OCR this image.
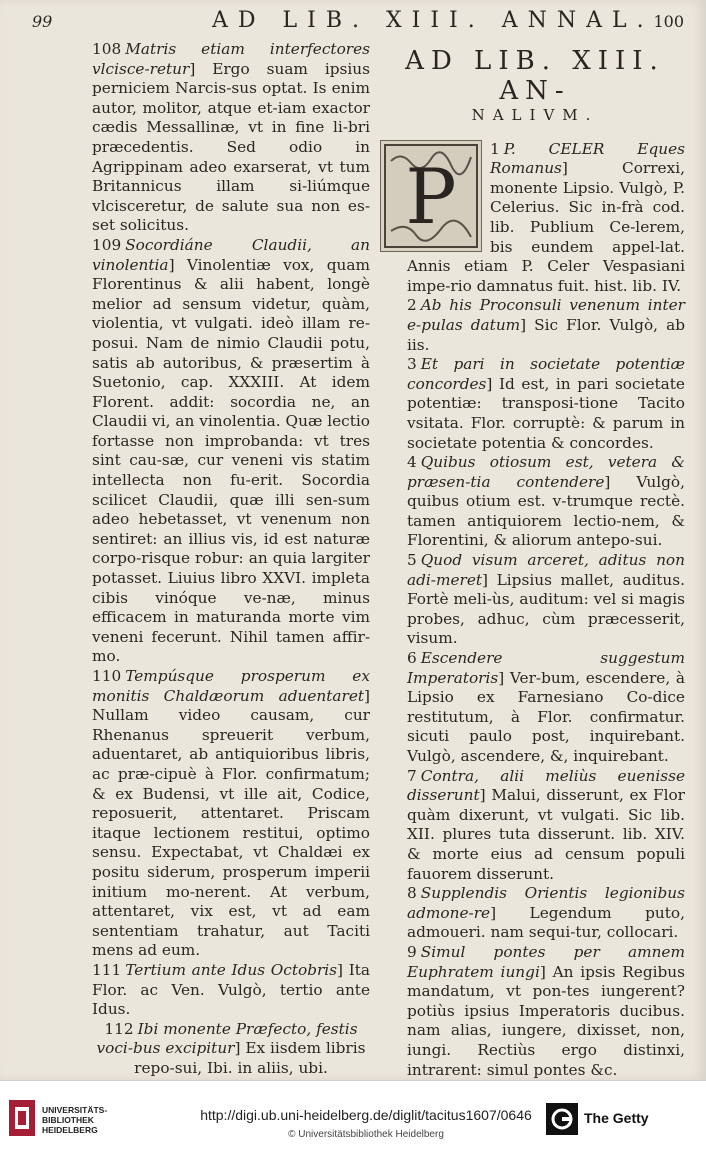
99	AD LIB. XIII. ANNAL. 100

108 Matris etiam interfectores vlcisce-retur] Ergo suam ipsius perniciem Narcis-sus optat. Is enim autor, molitor, atque et-iam exactor cædis Messallinæ, vt in fine li-bri præcedentis. Sed odio in Agrippinam adeo exarserat, vt tum Britannicus illam si-liúmque vlcisceretur, de salute sua non es-set solicitus.

109 Socordiáne Claudii, an vinolentia] Vinolentiæ vox, quam Florentinus & alii habent, longè melior ad sensum videtur, quàm, violentia, vt vulgati. ideò illam re-posui. Nam de nimio Claudii potu, satis ab autoribus, & præsertim à Suetonio, cap. XXXIII. At idem Florent. addit: socordia ne, an Claudii vi, an vinolentia. Quæ lectio fortasse non improbanda: vt tres sint cau-sæ, cur veneni vis statim intellecta non fu-erit. Socordia scilicet Claudii, quæ illi sen-sum adeo hebetasset, vt venenum non sentiret: an illius vis, id est naturæ corpo-risque robur: an quia largiter potasset. Liuius libro XXVI. impleta cibis vinóque ve-næ, minus efficacem in maturanda morte vim veneni fecerunt. Nihil tamen affir-mo.

110 Tempúsque prosperum ex monitis Chaldæorum aduentaret] Nullam video causam, cur Rhenanus spreuerit verbum, aduentaret, ab antiquioribus libris, ac præ-cipuè à Flor. confirmatum; & ex Budensi, vt ille ait, Codice, reposuerit, attentaret. Priscam itaque lectionem restitui, optimo sensu. Expectabat, vt Chaldæi ex positu siderum, prosperum imperii initium mo-nerent. At verbum, attentaret, vix est, vt ad eam sententiam trahatur, aut Taciti mens ad eum.

111 Tertium ante Idus Octobris] Ita Flor. ac Ven. Vulgò, tertio ante Idus.

112 Ibi monente Præfecto, festis voci-bus excipitur] Ex iisdem libris repo-sui, Ibi. in aliis, ubi.

AD LIB. XIII. AN-
NALIVM.
P

1 P. CELER Eques Romanus] Correxi, monente Lipsio. Vulgò, P. Celerius. Sic in-frà cod. lib. Publium Ce-lerem, bis eundem appel-lat. Annis etiam P. Celer Vespasiani impe-rio damnatus fuit. hist. lib. IV.

2 Ab his Proconsuli venenum inter e-pulas datum] Sic Flor. Vulgò, ab iis.

3 Et pari in societate potentiæ concordes] Id est, in pari societate potentiæ: transposi-tione Tacito vsitata. Flor. corruptè: & parum in societate potentia & concordes.

4 Quibus otiosum est, vetera & præsen-tia contendere] Vulgò, quibus otium est. v-trumque rectè. tamen antiquiorem lectio-nem, & Florentini, & aliorum antepo-sui.

5 Quod visum arceret, aditus non adi-meret] Lipsius mallet, auditus. Fortè meli-ùs, auditum: vel si magis probes, adhuc, cùm præcesserit, visum.

6 Escendere suggestum Imperatoris] Ver-bum, escendere, à Lipsio ex Farnesiano Co-dice restitutum, à Flor. confirmatur. sicuti paulo post, inquirebant. Vulgò, ascendere, &, inquirebant.

7 Contra, alii meliùs euenisse disserunt] Malui, disserunt, ex Flor quàm dixerunt, vt vulgati. Sic lib. XII. plures tuta disserunt. lib. XIV. & morte eius ad censum populi fauorem disserunt.

8 Supplendis Orientis legionibus admone-re] Legendum puto, admoueri. nam sequi-tur, collocari.

9 Simul pontes per amnem Euphratem iungi] An ipsis Regibus mandatum, vt pon-tes iungerent? potiùs ipsius Imperatoris ducibus. nam alias, iungere, dixisset, non, iungi. Rectiùs ergo distinxi, intrarent: simul pontes &c.

UNIVERSITÄTS-
BIBLIOTHEK
HEIDELBERG
http://digi.ub.uni-heidelberg.de/diglit/tacitus1607/0646
© Universitätsbibliothek Heidelberg
The Getty
